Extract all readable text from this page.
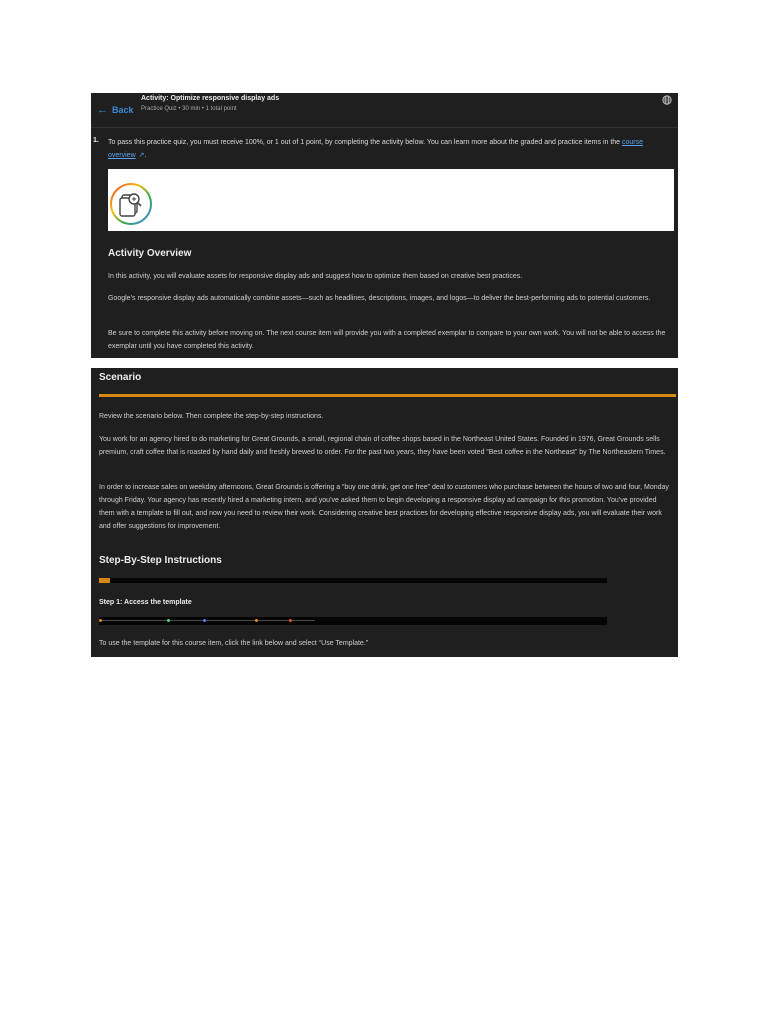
← Back
Activity: Optimize responsive display ads
Practice Quiz • 30 min • 1 total point
1. To pass this practice quiz, you must receive 100%, or 1 out of 1 point, by completing the activity below. You can learn more about the graded and practice items in the course overview ↗.
Activity Overview
In this activity, you will evaluate assets for responsive display ads and suggest how to optimize them based on creative best practices.
Google’s responsive display ads automatically combine assets—such as headlines, descriptions, images, and logos—to deliver the best-performing ads to potential customers.
Be sure to complete this activity before moving on. The next course item will provide you with a completed exemplar to compare to your own work. You will not be able to access the exemplar until you have completed this activity.
Scenario
Review the scenario below. Then complete the step-by-step instructions.
You work for an agency hired to do marketing for Great Grounds, a small, regional chain of coffee shops based in the Northeast United States. Founded in 1976, Great Grounds sells premium, craft coffee that is roasted by hand daily and freshly brewed to order. For the past two years, they have been voted “Best coffee in the Northeast” by The Northeastern Times.
In order to increase sales on weekday afternoons, Great Grounds is offering a “buy one drink, get one free” deal to customers who purchase between the hours of two and four, Monday through Friday. Your agency has recently hired a marketing intern, and you’ve asked them to begin developing a responsive display ad campaign for this promotion. You’ve provided them with a template to fill out, and now you need to review their work. Considering creative best practices for developing effective responsive display ads, you will evaluate their work and offer suggestions for improvement.
Step-By-Step Instructions
Step 1: Access the template
To use the template for this course item, click the link below and select “Use Template.”
